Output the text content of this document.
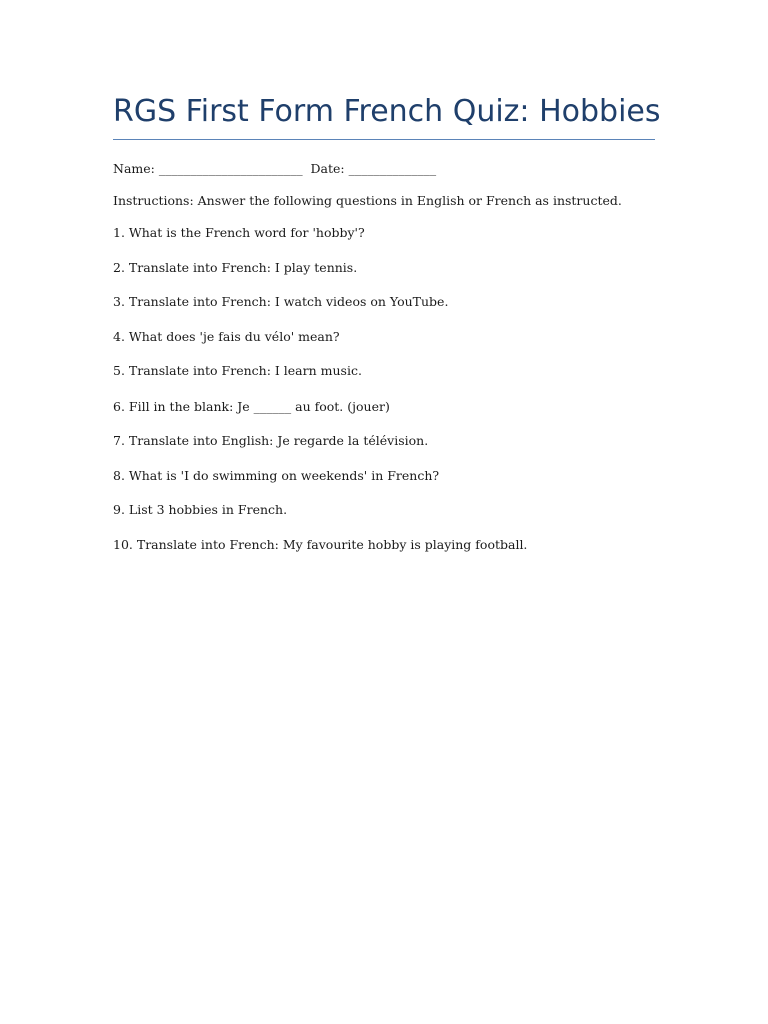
RGS First Form French Quiz: Hobbies

Name: _______________________  Date: ______________

Instructions: Answer the following questions in English or French as instructed.

1. What is the French word for 'hobby'?
2. Translate into French: I play tennis.
3. Translate into French: I watch videos on YouTube.
4. What does 'je fais du vélo' mean?
5. Translate into French: I learn music.
6. Fill in the blank: Je ______ au foot. (jouer)
7. Translate into English: Je regarde la télévision.
8. What is 'I do swimming on weekends' in French?
9. List 3 hobbies in French.
10. Translate into French: My favourite hobby is playing football.
